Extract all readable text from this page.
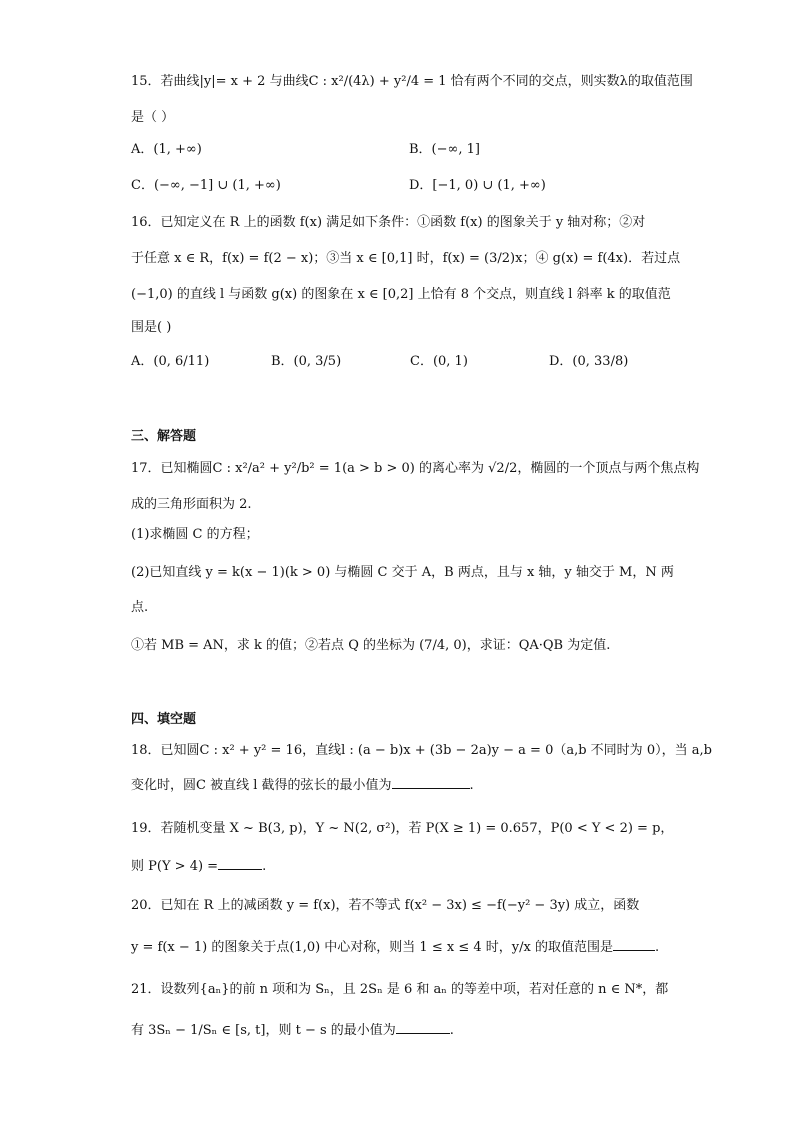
15．若曲线|y|= x + 2 与曲线C : x²/(4λ) + y²/4 = 1 恰有两个不同的交点，则实数λ的取值范围
是（ ）
A．(1, +∞)	B．(−∞, 1]
C．(−∞, −1] ∪ (1, +∞)	D．[−1, 0) ∪ (1, +∞)
16．已知定义在 R 上的函数 f(x) 满足如下条件：①函数 f(x) 的图象关于 y 轴对称；②对
于任意 x ∈ R，f(x) = f(2 − x)；③当 x ∈ [0,1] 时，f(x) = (3/2)x；④ g(x) = f(4x)．若过点
(−1,0) 的直线 l 与函数 g(x) 的图象在 x ∈ [0,2] 上恰有 8 个交点，则直线 l 斜率 k 的取值范
围是( )
A．(0, 6/11)	B．(0, 3/5)	C．(0, 1)	D．(0, 33/8)
三、解答题
17．已知椭圆C : x²/a² + y²/b² = 1(a > b > 0) 的离心率为 √2/2，椭圆的一个顶点与两个焦点构
成的三角形面积为 2.
(1)求椭圆 C 的方程；
(2)已知直线 y = k(x − 1)(k > 0) 与椭圆 C 交于 A，B 两点，且与 x 轴，y 轴交于 M，N 两
点.
①若 MB = AN，求 k 的值；②若点 Q 的坐标为 (7/4, 0)，求证：QA·QB 为定值.
四、填空题
18．已知圆C : x² + y² = 16，直线l : (a − b)x + (3b − 2a)y − a = 0（a,b 不同时为 0），当 a,b
变化时，圆C 被直线 l 截得的弦长的最小值为	.
19．若随机变量 X ~ B(3, p)，Y ~ N(2, σ²)，若 P(X ≥ 1) = 0.657，P(0 < Y < 2) = p，
则 P(Y > 4) =	.
20．已知在 R 上的减函数 y = f(x)，若不等式 f(x² − 3x) ≤ −f(−y² − 3y) 成立，函数
y = f(x − 1) 的图象关于点(1,0) 中心对称，则当 1 ≤ x ≤ 4 时，y/x 的取值范围是	.
21．设数列{aₙ}的前 n 项和为 Sₙ，且 2Sₙ 是 6 和 aₙ 的等差中项，若对任意的 n ∈ N*，都
有 3Sₙ − 1/Sₙ ∈ [s, t]，则 t − s 的最小值为	.
